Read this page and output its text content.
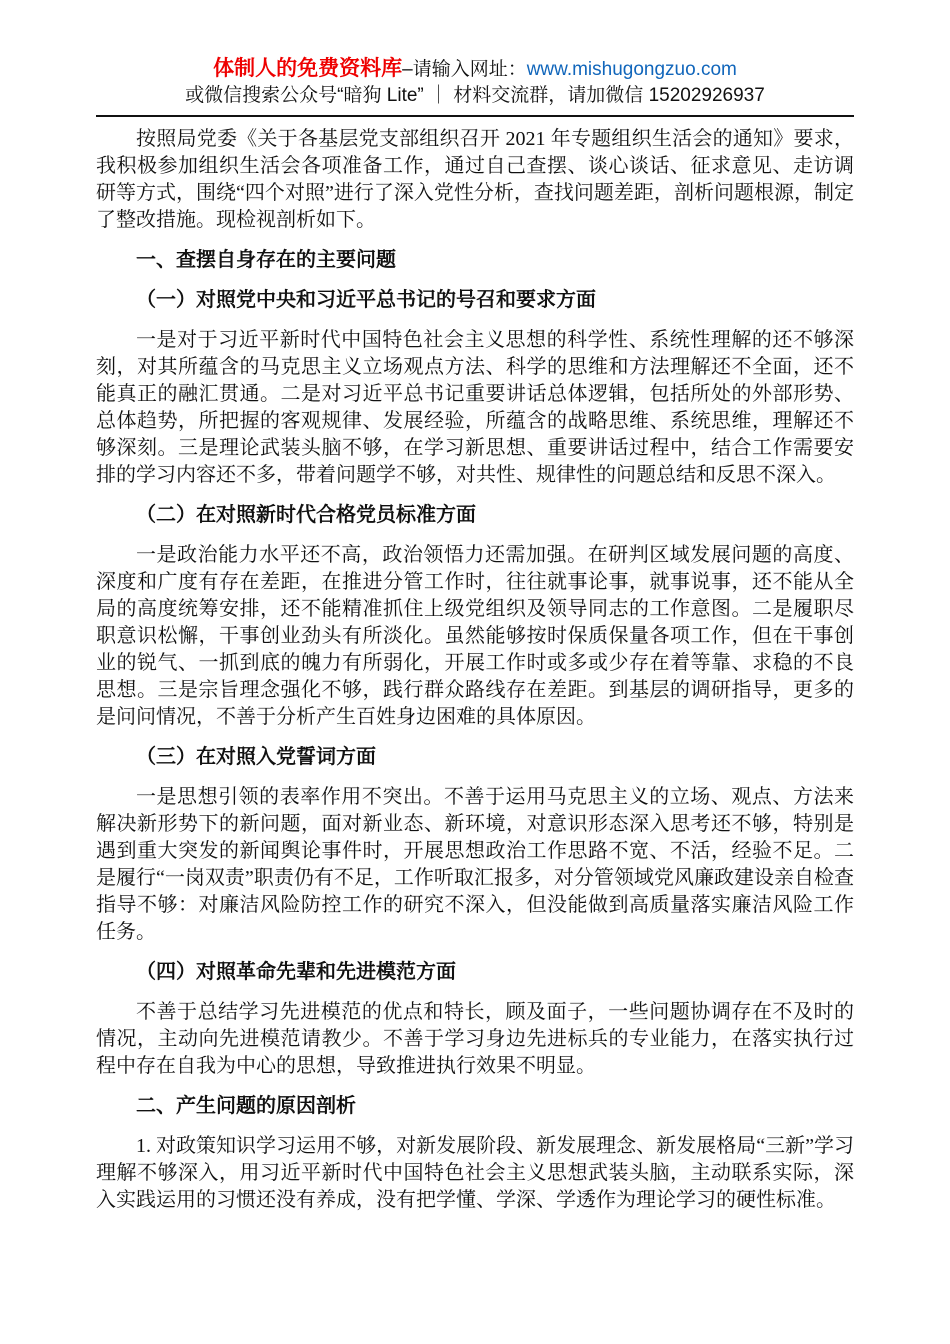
体制人的免费资料库–请输入网址：www.mishugongzuo.com
或微信搜索公众号“暗狗 Lite” ｜ 材料交流群，请加微信 15202926937

按照局党委《关于各基层党支部组织召开 2021 年专题组织生活会的通知》要求，我积极参加组织生活会各项准备工作，通过自己查摆、谈心谈话、征求意见、走访调研等方式，围绕“四个对照”进行了深入党性分析，查找问题差距，剖析问题根源，制定了整改措施。现检视剖析如下。

一、查摆自身存在的主要问题
（一）对照党中央和习近平总书记的号召和要求方面

一是对于习近平新时代中国特色社会主义思想的科学性、系统性理解的还不够深刻，对其所蕴含的马克思主义立场观点方法、科学的思维和方法理解还不全面，还不能真正的融汇贯通。二是对习近平总书记重要讲话总体逻辑，包括所处的外部形势、总体趋势，所把握的客观规律、发展经验，所蕴含的战略思维、系统思维，理解还不够深刻。三是理论武装头脑不够，在学习新思想、重要讲话过程中，结合工作需要安排的学习内容还不多，带着问题学不够，对共性、规律性的问题总结和反思不深入。

（二）在对照新时代合格党员标准方面

一是政治能力水平还不高，政治领悟力还需加强。在研判区域发展问题的高度、深度和广度有存在差距，在推进分管工作时，往往就事论事，就事说事，还不能从全局的高度统筹安排，还不能精准抓住上级党组织及领导同志的工作意图。二是履职尽职意识松懈，干事创业劲头有所淡化。虽然能够按时保质保量各项工作，但在干事创业的锐气、一抓到底的魄力有所弱化，开展工作时或多或少存在着等靠、求稳的不良思想。三是宗旨理念强化不够，践行群众路线存在差距。到基层的调研指导，更多的是问问情况，不善于分析产生百姓身边困难的具体原因。

（三）在对照入党誓词方面

一是思想引领的表率作用不突出。不善于运用马克思主义的立场、观点、方法来解决新形势下的新问题，面对新业态、新环境，对意识形态深入思考还不够，特别是遇到重大突发的新闻舆论事件时，开展思想政治工作思路不宽、不活，经验不足。二是履行“一岗双责”职责仍有不足，工作听取汇报多，对分管领域党风廉政建设亲自检查指导不够：对廉洁风险防控工作的研究不深入，但没能做到高质量落实廉洁风险工作任务。

（四）对照革命先辈和先进模范方面

不善于总结学习先进模范的优点和特长，顾及面子，一些问题协调存在不及时的情况，主动向先进模范请教少。不善于学习身边先进标兵的专业能力，在落实执行过程中存在自我为中心的思想，导致推进执行效果不明显。

二、产生问题的原因剖析

1. 对政策知识学习运用不够，对新发展阶段、新发展理念、新发展格局“三新”学习理解不够深入，用习近平新时代中国特色社会主义思想武装头脑，主动联系实际，深入实践运用的习惯还没有养成，没有把学懂、学深、学透作为理论学习的硬性标准。
